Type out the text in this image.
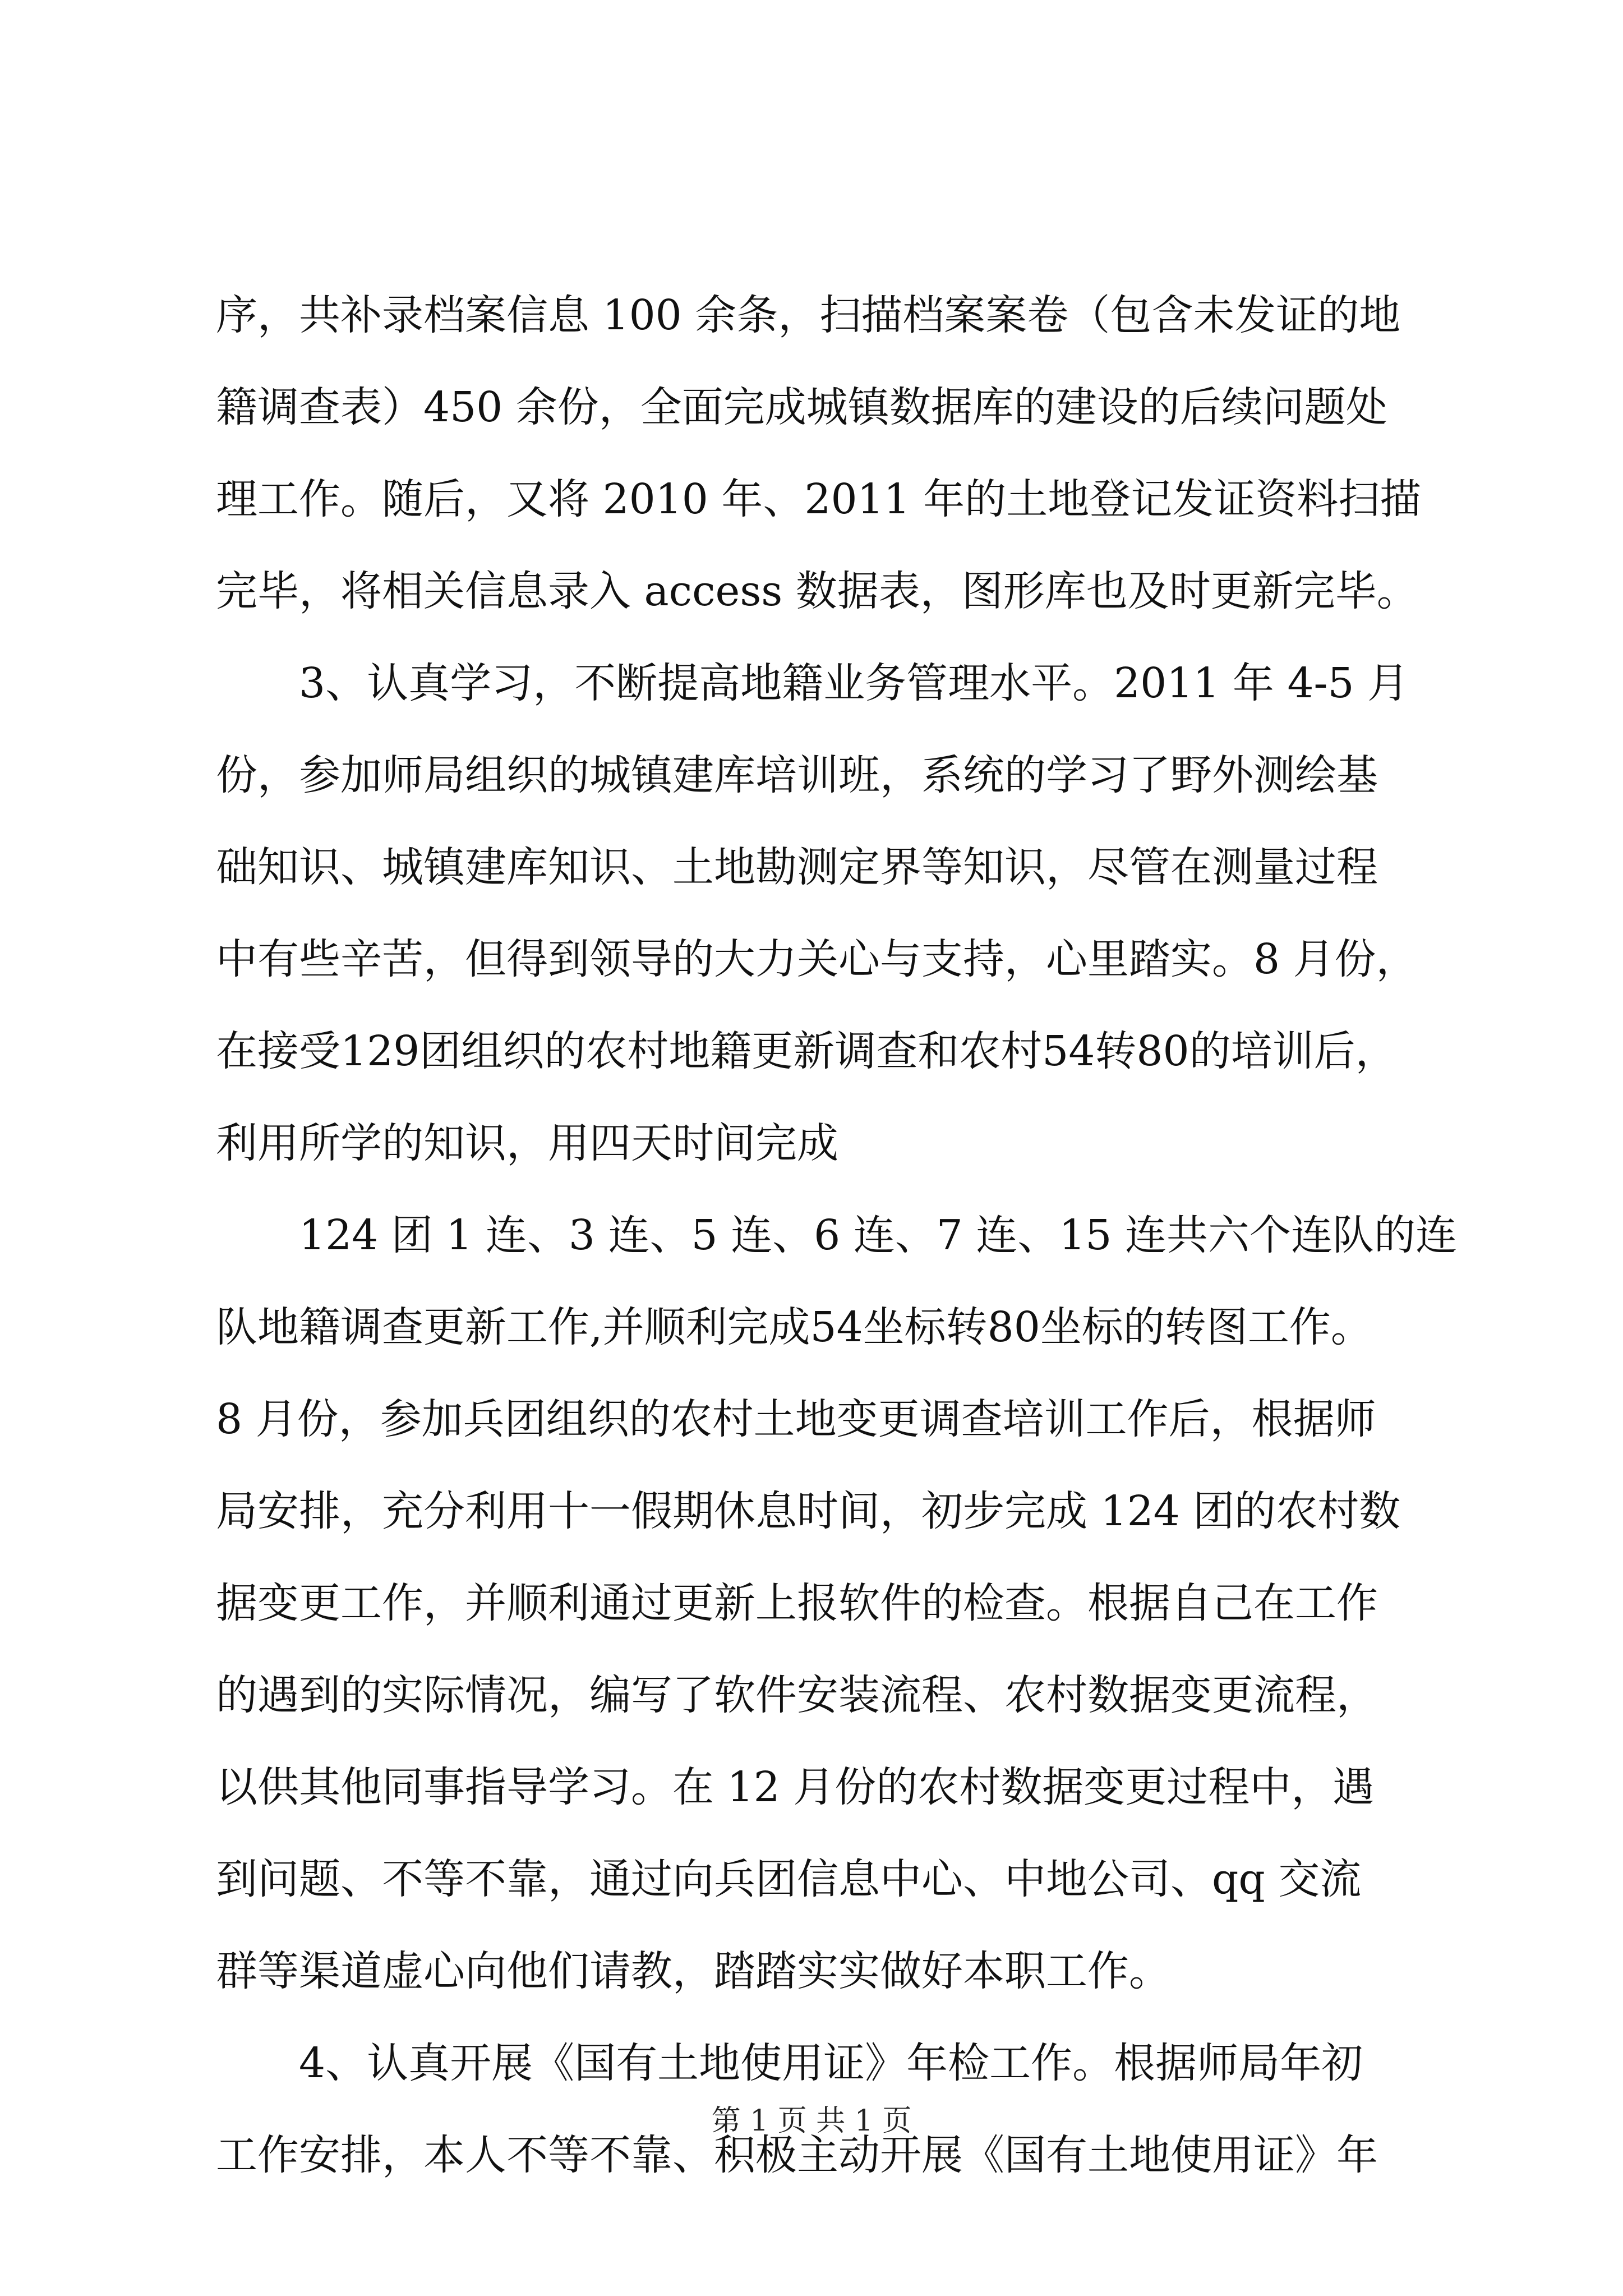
序，共补录档案信息 100 余条，扫描档案案卷（包含未发证的地
籍调查表）450 余份，全面完成城镇数据库的建设的后续问题处
理工作。随后，又将 2010 年、2011 年的土地登记发证资料扫描
完毕，将相关信息录入 access 数据表，图形库也及时更新完毕。
3、认真学习，不断提高地籍业务管理水平。2011 年 4-5 月
份，参加师局组织的城镇建库培训班，系统的学习了野外测绘基
础知识、城镇建库知识、土地勘测定界等知识，尽管在测量过程
中有些辛苦，但得到领导的大力关心与支持，心里踏实。8 月份，
在接受129团组织的农村地籍更新调查和农村54转80的培训后，
利用所学的知识，用四天时间完成
124 团 1 连、3 连、5 连、6 连、7 连、15 连共六个连队的连
队地籍调查更新工作,并顺利完成54坐标转80坐标的转图工作。
8 月份，参加兵团组织的农村土地变更调查培训工作后，根据师
局安排，充分利用十一假期休息时间，初步完成 124 团的农村数
据变更工作，并顺利通过更新上报软件的检查。根据自己在工作
的遇到的实际情况，编写了软件安装流程、农村数据变更流程，
以供其他同事指导学习。在 12 月份的农村数据变更过程中，遇
到问题、不等不靠，通过向兵团信息中心、中地公司、qq 交流
群等渠道虚心向他们请教，踏踏实实做好本职工作。
4、认真开展《国有土地使用证》年检工作。根据师局年初
工作安排，本人不等不靠、积极主动开展《国有土地使用证》年
第 1 页 共 1 页
